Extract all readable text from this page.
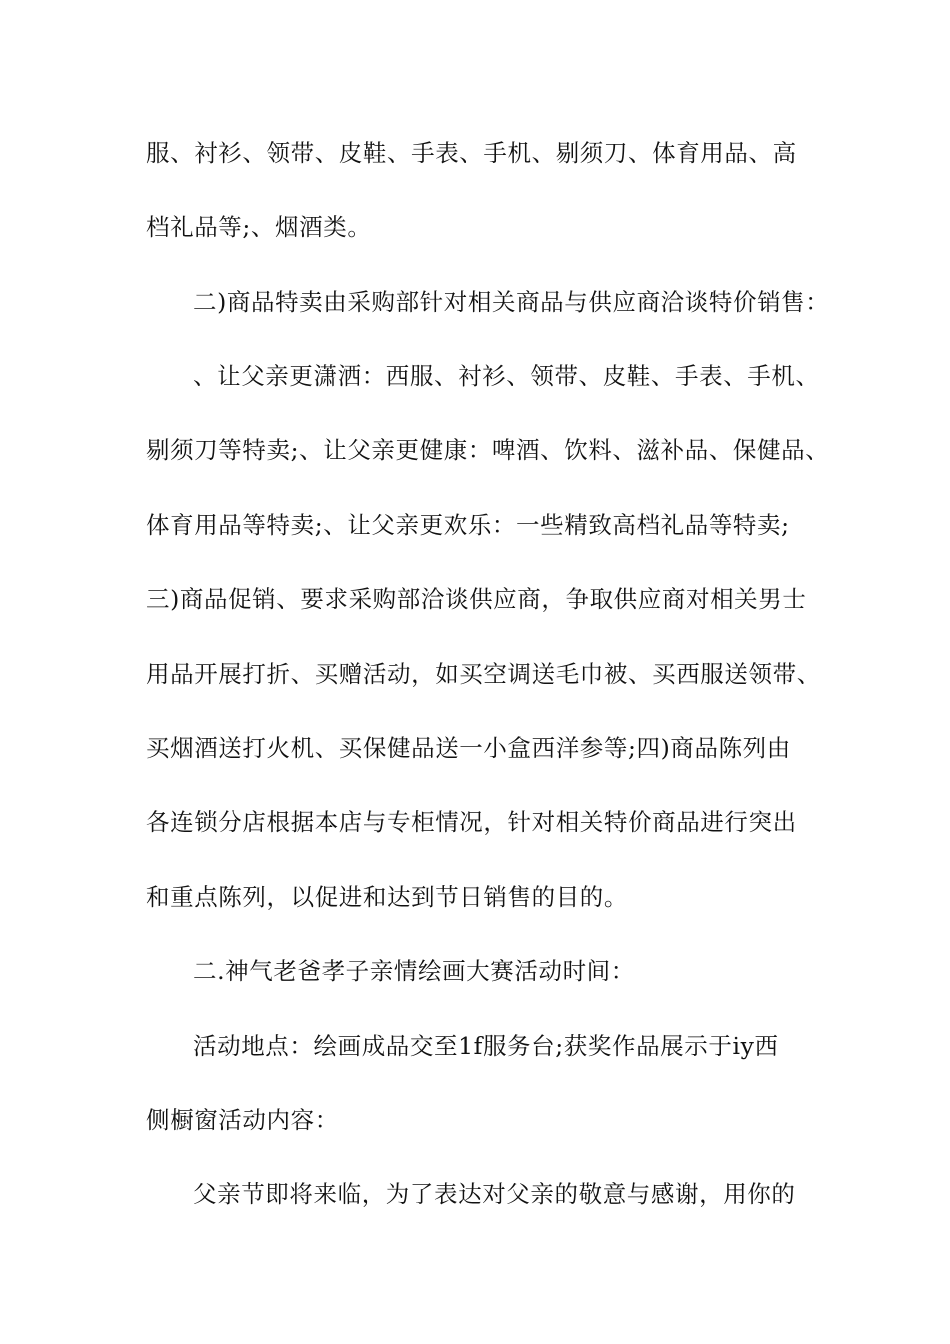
服、衬衫、领带、皮鞋、手表、手机、剔须刀、体育用品、高
档礼品等;、烟酒类。
二)商品特卖由采购部针对相关商品与供应商洽谈特价销售：
、让父亲更潇洒：西服、衬衫、领带、皮鞋、手表、手机、
剔须刀等特卖;、让父亲更健康：啤酒、饮料、滋补品、保健品、
体育用品等特卖;、让父亲更欢乐：一些精致高档礼品等特卖;
三)商品促销、要求采购部洽谈供应商，争取供应商对相关男士
用品开展打折、买赠活动，如买空调送毛巾被、买西服送领带、
买烟酒送打火机、买保健品送一小盒西洋参等;四)商品陈列由
各连锁分店根据本店与专柜情况，针对相关特价商品进行突出
和重点陈列，以促进和达到节日销售的目的。
二.神气老爸孝子亲情绘画大赛活动时间：
活动地点：绘画成品交至1f服务台;获奖作品展示于iy西
侧橱窗活动内容：
父亲节即将来临，为了表达对父亲的敬意与感谢，用你的
